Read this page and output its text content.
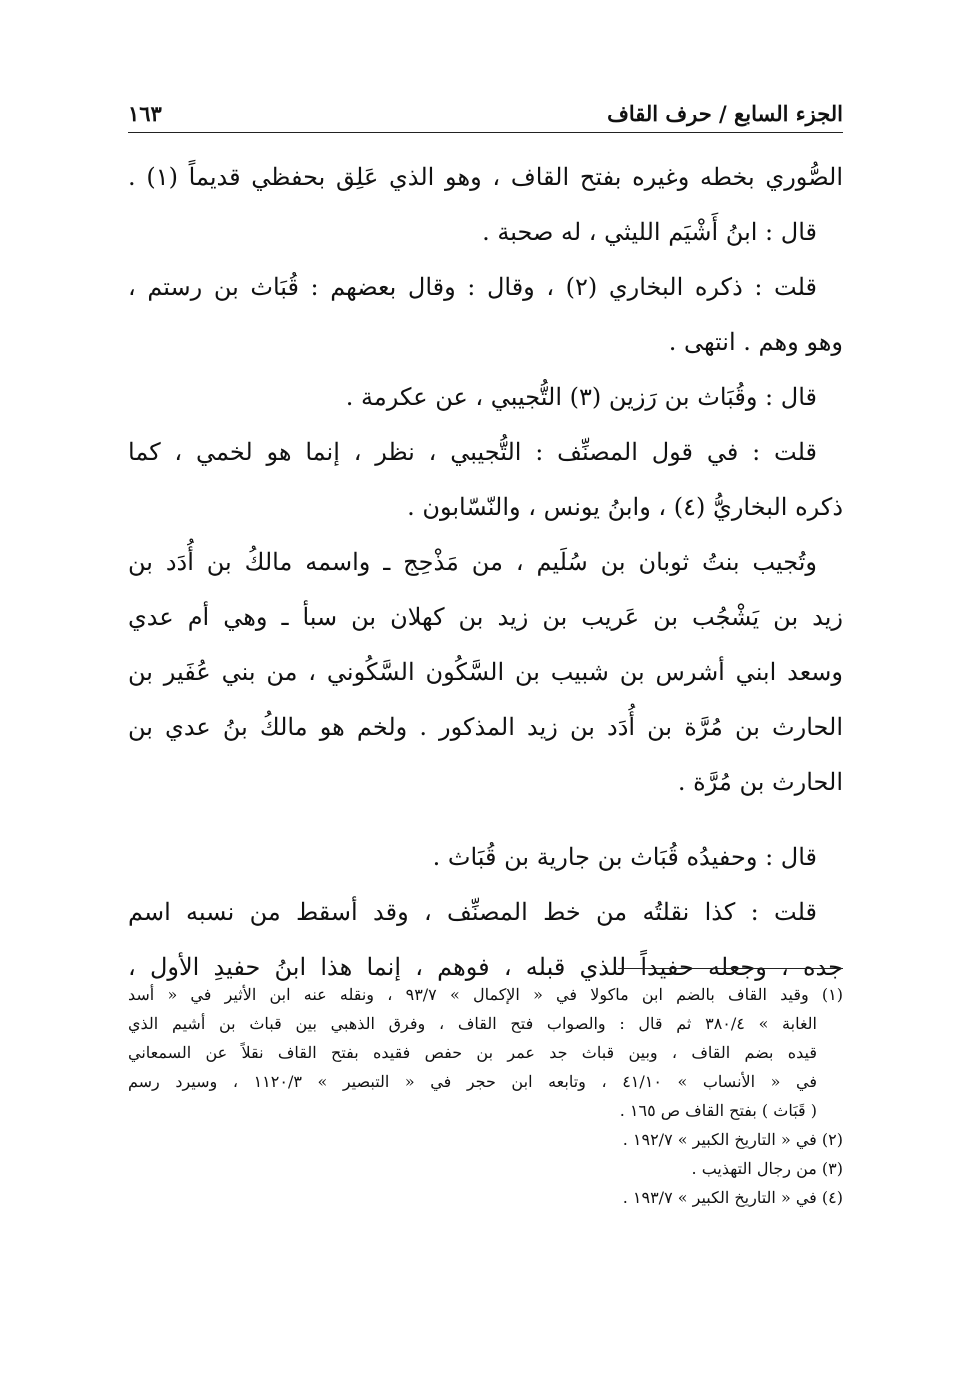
الجزء السابع / حرف القاف
١٦٣
الصُّوري بخطه وغيره بفتح القاف ، وهو الذي عَلِق بحفظي قديماً (١) .
قال : ابنُ أَشْيَم الليثي ، له صحبة .
قلت : ذكره البخاري (٢) ، وقال : وقال بعضهم : قُبَاث بن رستم ،
وهو وهم . انتهى .
قال : وقُبَاث بن رَزين (٣) التُّجيبي ، عن عكرمة .
قلت : في قول المصنِّف : التُّجيبي ، نظر ، إنما هو لخمي ، كما
ذكره البخاريُّ (٤) ، وابنُ يونس ، والنّسّابون .
وتُجيب بنتُ ثوبان بن سُلَيم ، من مَذْحِج ـ واسمه مالكُ بن أُدَد بن
زيد بن يَشْجُب بن عَريب بن زيد بن كهلان بن سبأ ـ وهي أم عدي
وسعد ابني أشرس بن شبيب بن السَّكُون السَّكُوني ، من بني عُفَير بن
الحارث بن مُرَّة بن أُدَد بن زيد المذكور . ولخم هو مالكُ بنُ عدي بن
الحارث بن مُرَّة .
قال : وحفيدُه قُبَاث بن جارية بن قُبَاث .
قلت : كذا نقلتُه من خط المصنِّف ، وقد أسقط من نسبه اسم
جده ، وجعله حفيداً للذي قبله ، فوهم ، إنما هذا ابنُ حفيدِ الأول ،
(١) وقيد القاف بالضم ابن ماكولا في « الإكمال » ٩٣/٧ ، ونقله عنه ابن الأثير في « أسد
الغابة » ٣٨٠/٤ ثم قال : والصواب فتح القاف ، وفرق الذهبي بين قباث بن أشيم الذي
قيده بضم القاف ، وبين قباث جد عمر بن حفص فقيده بفتح القاف نقلاً عن السمعاني
في « الأنساب » ٤١/١٠ ، وتابعه ابن حجر في « التبصير » ١١٢٠/٣ ، وسيرد رسم
( قَبَاث ) بفتح القاف ص ١٦٥ .
(٢) في « التاريخ الكبير » ١٩٢/٧ .
(٣) من رجال التهذيب .
(٤) في « التاريخ الكبير » ١٩٣/٧ .
